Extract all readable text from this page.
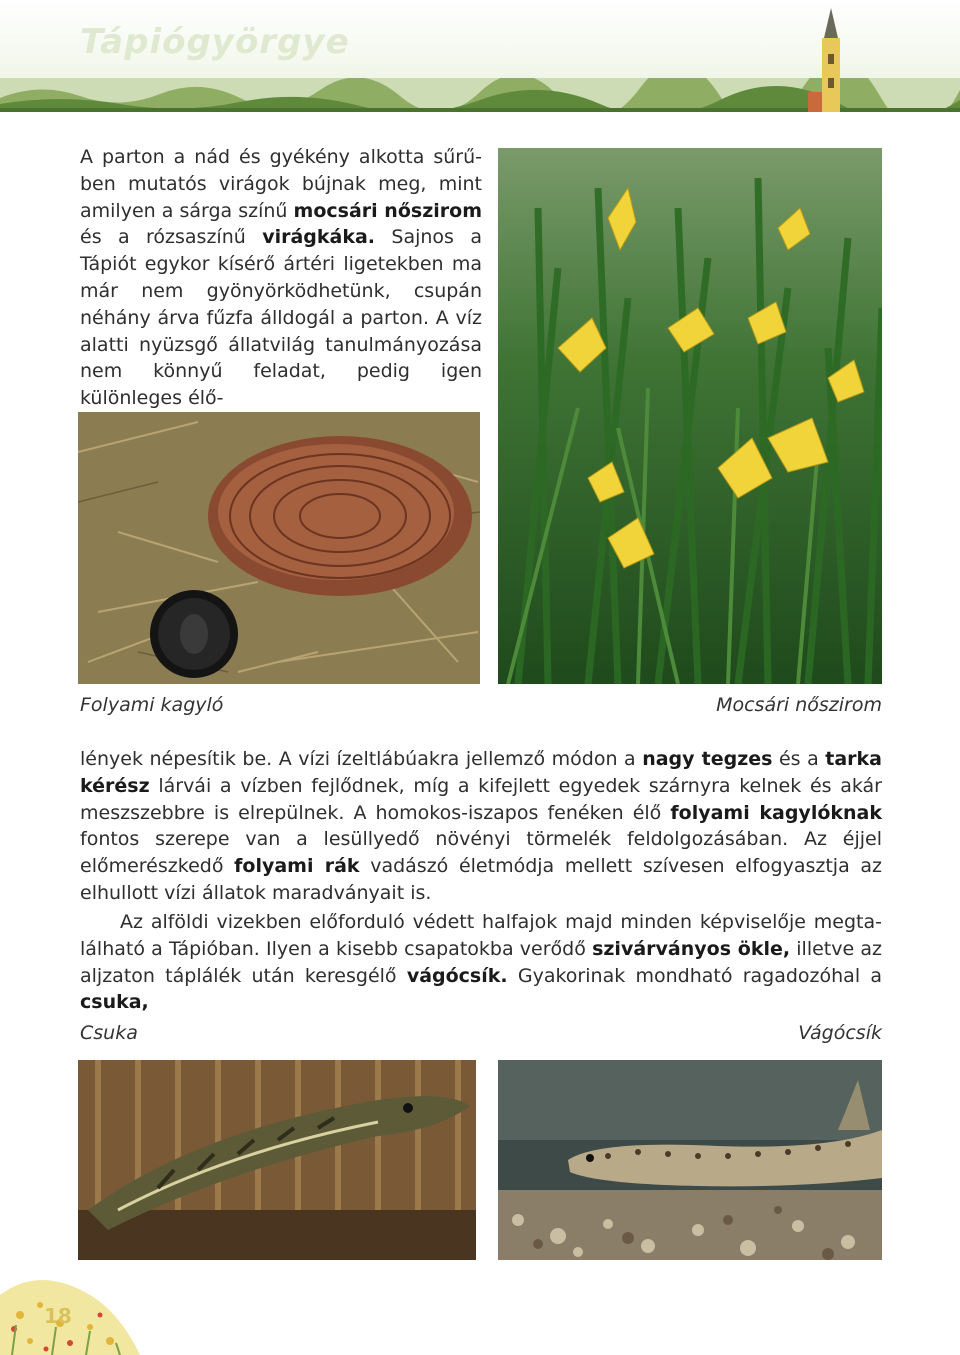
Tápiógyörgye

A parton a nád és gyékény alkotta sűrűben mutatós virágok bújnak meg, mint amilyen a sárga színű mocsári nőszirom és a rózsaszínű virágkáka. Sajnos a Tápiót egykor kísérő ártéri ligetekben ma már nem gyönyörködhetünk, csupán néhány árva fűzfa álldogál a parton. A víz alatti nyüzsgő állatvilág tanulmányozása nem könnyű feladat, pedig igen különleges élő-

Folyami kagyló	Mocsári nőszirom

lények népesítik be. A vízi ízeltlábúakra jellemző módon a nagy tegzes és a tarka kérész lárvái a vízben fejlődnek, míg a kifejlett egyedek szárnyra kelnek és akár meszszebbre is elrepülnek. A homokos-iszapos fenéken élő folyami kagylóknak fontos szerepe van a lesüllyedő növényi törmelék feldolgozásában. Az éjjel előmerészkedő folyami rák vadászó életmódja mellett szívesen elfogyasztja az elhullott vízi állatok maradványait is.

Az alföldi vizekben előforduló védett halfajok majd minden képviselője megtalálható a Tápióban. Ilyen a kisebb csapatokba verődő szivárványos ökle, illetve az aljzaton táplálék után keresgélő vágócsík. Gyakorinak mondható ragadozóhal a csuka,

Csuka	Vágócsík
18
